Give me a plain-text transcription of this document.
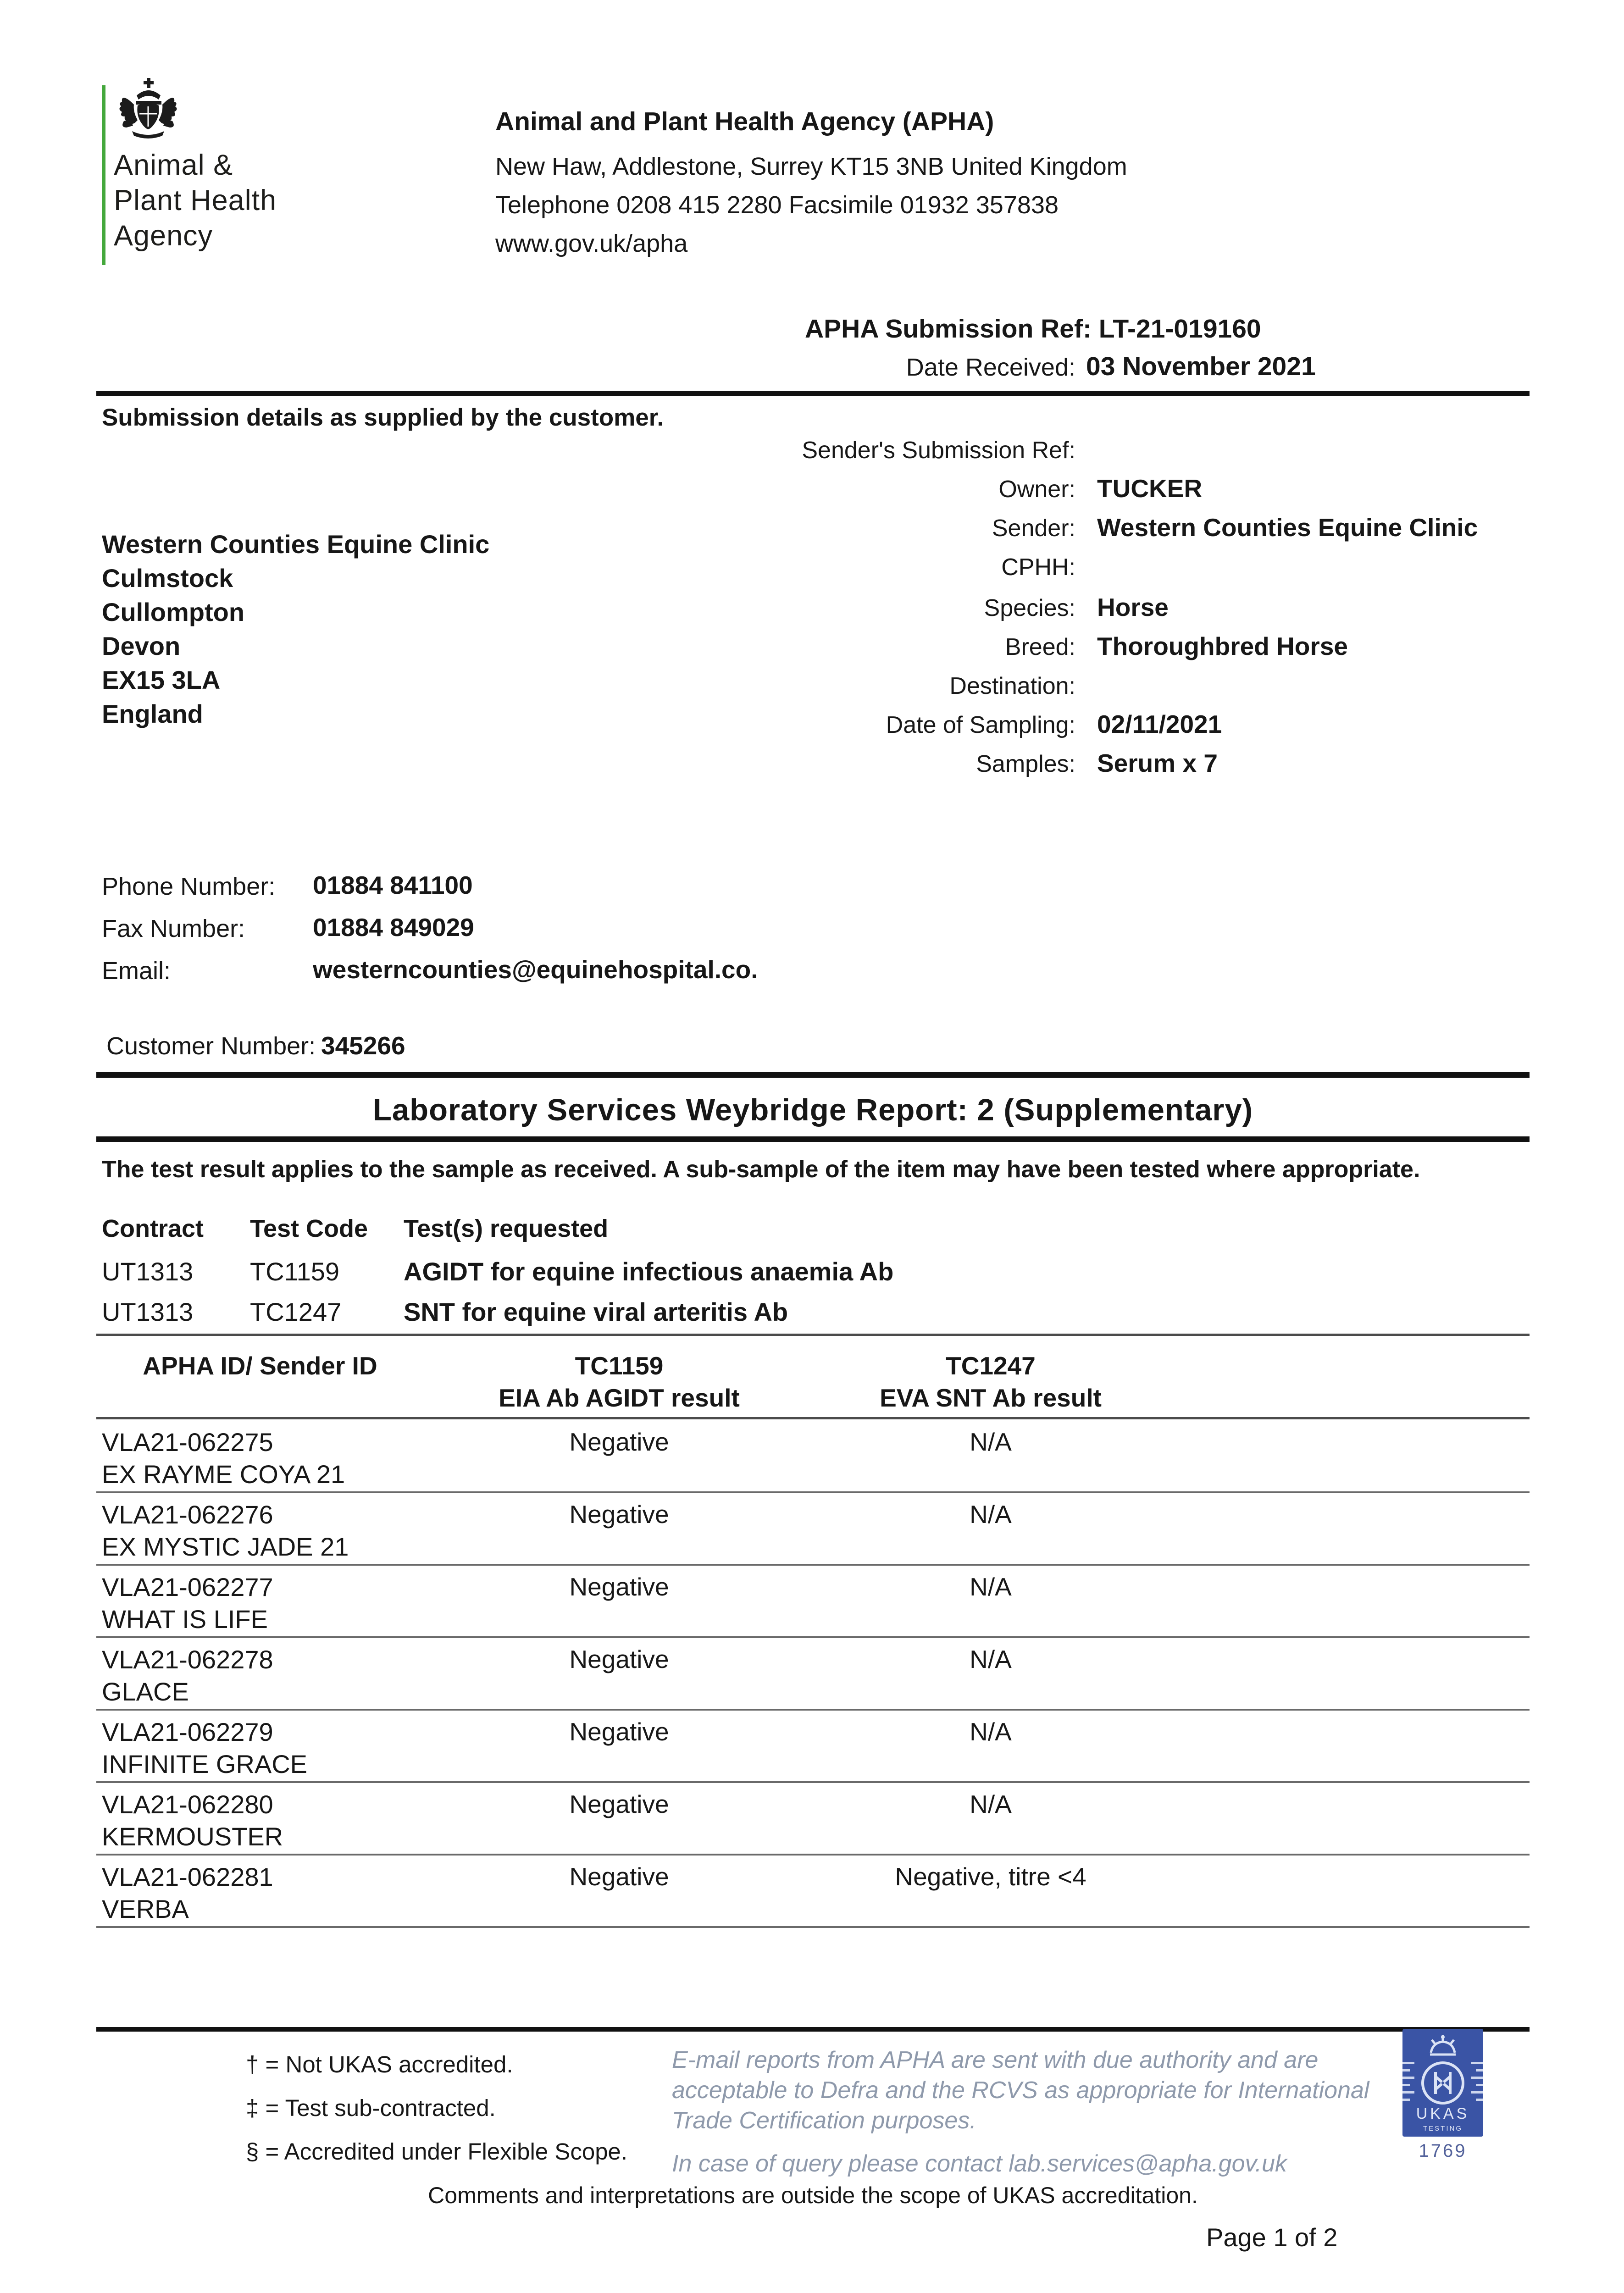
Animal &
Plant Health
Agency
Animal and Plant Health Agency (APHA)
New Haw, Addlestone, Surrey KT15 3NB United Kingdom
Telephone 0208 415 2280 Facsimile 01932 357838
www.gov.uk/apha
APHA Submission Ref: LT-21-019160
Date Received: 03 November 2021
Submission details as supplied by the customer.
Western Counties Equine Clinic
Culmstock
Cullompton
Devon
EX15 3LA
England
Sender's Submission Ref:
Owner: TUCKER
Sender: Western Counties Equine Clinic
CPHH:
Species: Horse
Breed: Thoroughbred Horse
Destination:
Date of Sampling: 02/11/2021
Samples: Serum x 7
Phone Number: 01884 841100
Fax Number:	01884 849029
Email:	westerncounties@equinehospital.co.
Customer Number: 345266
Laboratory Services Weybridge Report: 2 (Supplementary)
The test result applies to the sample as received. A sub-sample of the item may have been tested where appropriate.
Contract Test Code Test(s) requested
UT1313 TC1159 AGIDT for equine infectious anaemia Ab
UT1313 TC1247 SNT for equine viral arteritis Ab
APHA ID/ Sender ID	TC1159	TC1247
EIA Ab AGIDT result	EVA SNT Ab result
VLA21-062275
EX RAYME COYA 21
Negative	N/A
VLA21-062276
EX MYSTIC JADE 21
Negative	N/A
VLA21-062277
WHAT IS LIFE
Negative	N/A
VLA21-062278
GLACE
Negative	N/A
VLA21-062279
INFINITE GRACE
Negative	N/A
VLA21-062280
KERMOUSTER
Negative	N/A
VLA21-062281
VERBA
Negative	Negative, titre <4
† = Not UKAS accredited.
‡ = Test sub-contracted.
§ = Accredited under Flexible Scope.
E-mail reports from APHA are sent with due authority and are
acceptable to Defra and the RCVS as appropriate for International
Trade Certification purposes.
In case of query please contact lab.services@apha.gov.uk
UKAS
TESTING
1769
Comments and interpretations are outside the scope of UKAS accreditation.
Page 1 of 2
